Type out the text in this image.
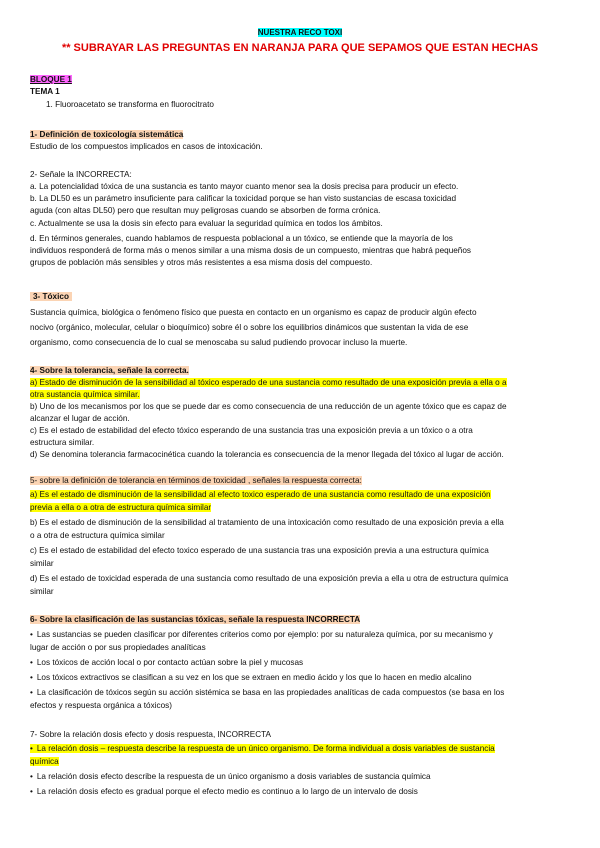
NUESTRA RECO TOXI
** SUBRAYAR LAS PREGUNTAS EN NARANJA PARA QUE SEPAMOS QUE ESTAN HECHAS
BLOQUE 1
TEMA 1
1. Fluoroacetato se transforma en fluorocitrato
1- Definición de toxicología sistemática
Estudio de los compuestos implicados en casos de intoxicación.
2- Señale la INCORRECTA:
a. La potencialidad tóxica de una sustancia es tanto mayor cuanto menor sea la dosis precisa para producir un efecto.
b. La DL50 es un parámetro insuficiente para calificar la toxicidad porque se han visto sustancias de escasa toxicidad
aguda (con altas DL50) pero que resultan muy peligrosas cuando se absorben de forma crónica.
c. Actualmente se usa la dosis sin efecto para evaluar la seguridad química en todos los ámbitos.
d. En términos generales, cuando hablamos de respuesta poblacional a un tóxico, se entiende que la mayoría de los
individuos responderá de forma más o menos similar a una misma dosis de un compuesto, mientras que habrá pequeños
grupos de población más sensibles y otros más resistentes a esa misma dosis del compuesto.
3- Tóxico
Sustancia química, biológica o fenómeno físico que puesta en contacto en un organismo es capaz de producir algún efecto
nocivo (orgánico, molecular, celular o bioquímico) sobre él o sobre los equilibrios dinámicos que sustentan la vida de ese
organismo, como consecuencia de lo cual se menoscaba su salud pudiendo provocar incluso la muerte.
4- Sobre la tolerancia, señale la correcta.
a) Estado de disminución de la sensibilidad al tóxico esperado de una sustancia como resultado de una exposición previa a ella o a
otra sustancia química similar.
b) Uno de los mecanismos por los que se puede dar es como consecuencia de una reducción de un agente tóxico que es capaz de
alcanzar el lugar de acción.
c) Es el estado de estabilidad del efecto tóxico esperando de una sustancia tras una exposición previa a un tóxico o a otra
estructura similar.
d) Se denomina tolerancia farmacocinética cuando la tolerancia es consecuencia de la menor llegada del tóxico al lugar de acción.
5- sobre la definición de tolerancia en términos de toxicidad , señales la respuesta correcta:
a) Es el estado de disminución de la sensibilidad al efecto toxico esperado de una sustancia como resultado de una exposición
previa a ella o a otra de estructura química similar
b) Es el estado de disminución de la sensibilidad al tratamiento de una intoxicación como resultado de una exposición previa a ella
o a otra de estructura química similar
c) Es el estado de estabilidad del efecto toxico esperado de una sustancia tras una exposición previa a una estructura química
similar
d) Es el estado de toxicidad esperada de una sustancia como resultado de una exposición previa a ella u otra de estructura química
similar
6- Sobre la clasificación de las sustancias tóxicas, señale la respuesta INCORRECTA
• Las sustancias se pueden clasificar por diferentes criterios como por ejemplo: por su naturaleza química, por su mecanismo y
lugar de acción o por sus propiedades analíticas
• Los tóxicos de acción local o por contacto actúan sobre la piel y mucosas
• Los tóxicos extractivos se clasifican a su vez en los que se extraen en medio ácido y los que lo hacen en medio alcalino
• La clasificación de tóxicos según su acción sistémica se basa en las propiedades analíticas de cada compuestos (se basa en los
efectos y respuesta orgánica a tóxicos)
7- Sobre la relación dosis efecto y dosis respuesta, INCORRECTA
• La relación dosis – respuesta describe la respuesta de un único organismo. De forma individual a dosis variables de sustancia
química
• La relación dosis efecto describe la respuesta de un único organismo a dosis variables de sustancia química
• La relación dosis efecto es gradual porque el efecto medio es continuo a lo largo de un intervalo de dosis
